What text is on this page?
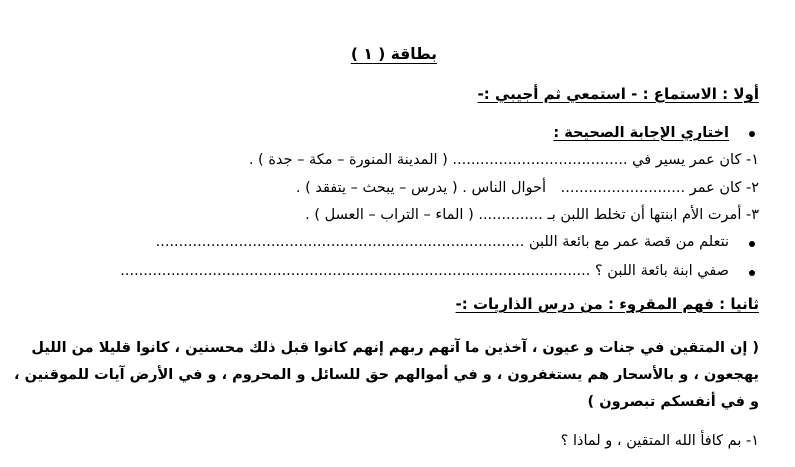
بطاقة ( ١ )
أولا : الاستماع : - استمعي ثم أجيبي :-
اختاري الإجابة الصحيحة :
١- كان عمر يسير في ...................................... ( المدينة المنورة – مكة – جدة ) .
٢- كان عمر ........................... أحوال الناس . ( يدرس – يبحث – يتفقد ) .
٣- أمرت الأم ابنتها أن تخلط اللبن بـ .............. ( الماء – التراب – العسل ) .
نتعلم من قصة عمر مع بائعة اللبن ................................................................................
صفي ابنة بائعة اللبن ؟ ......................................................................................................
ثانيا : فهم المقروء : من درس الذاريات :-
( إن المتقين في جنات و عيون ، آخذين ما آتهم ربهم إنهم كانوا قبل ذلك محسنين ، كانوا قليلا من الليل
يهجعون ، و بالأسحار هم يستغفرون ، و في أموالهم حق للسائل و المحروم ، و في الأرض آيات للموقنين ،
و في أنفسكم تبصرون )
١- بم كافأ الله المتقين ، و لماذا ؟
